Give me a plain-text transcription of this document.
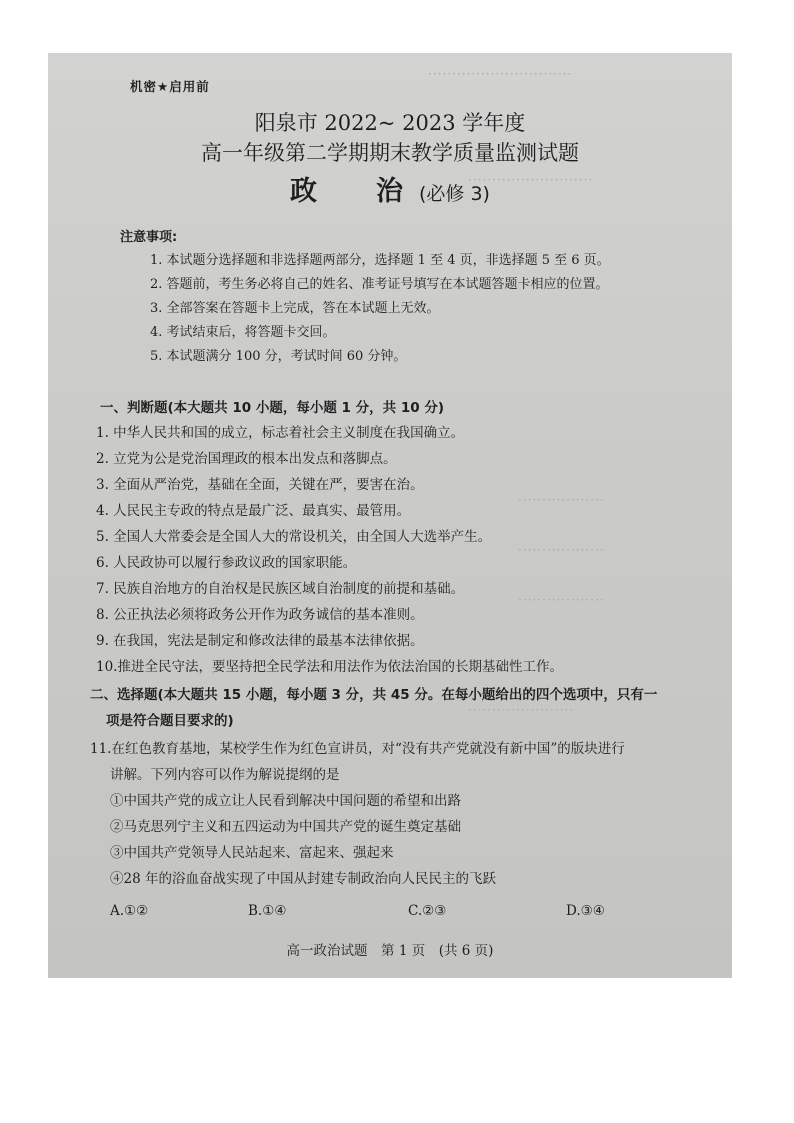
······························
··························
··················
··················
··················
······················
机密★启用前
阳泉市 2022~ 2023 学年度
高一年级第二学期期末教学质量监测试题
政　治(必修 3)
注意事项:
1. 本试题分选择题和非选择题两部分，选择题 1 至 4 页，非选择题 5 至 6 页。
2. 答题前，考生务必将自己的姓名、准考证号填写在本试题答题卡相应的位置。
3. 全部答案在答题卡上完成，答在本试题上无效。
4. 考试结束后，将答题卡交回。
5. 本试题满分 100 分，考试时间 60 分钟。
一、判断题(本大题共 10 小题，每小题 1 分，共 10 分)
1. 中华人民共和国的成立，标志着社会主义制度在我国确立。
2. 立党为公是党治国理政的根本出发点和落脚点。
3. 全面从严治党，基础在全面，关键在严，要害在治。
4. 人民民主专政的特点是最广泛、最真实、最管用。
5. 全国人大常委会是全国人大的常设机关，由全国人大选举产生。
6. 人民政协可以履行参政议政的国家职能。
7. 民族自治地方的自治权是民族区域自治制度的前提和基础。
8. 公正执法必须将政务公开作为政务诚信的基本准则。
9. 在我国，宪法是制定和修改法律的最基本法律依据。
10.推进全民守法，要坚持把全民学法和用法作为依法治国的长期基础性工作。
二、选择题(本大题共 15 小题，每小题 3 分，共 45 分。在每小题给出的四个选项中，只有一
项是符合题目要求的)
11.在红色教育基地，某校学生作为红色宣讲员，对“没有共产党就没有新中国”的版块进行
讲解。下列内容可以作为解说提纲的是
①中国共产党的成立让人民看到解决中国问题的希望和出路
②马克思列宁主义和五四运动为中国共产党的诞生奠定基础
③中国共产党领导人民站起来、富起来、强起来
④28 年的浴血奋战实现了中国从封建专制政治向人民民主的飞跃
A.①②	B.①④	C.②③	D.③④
高一政治试题　第 1 页　(共 6 页)
